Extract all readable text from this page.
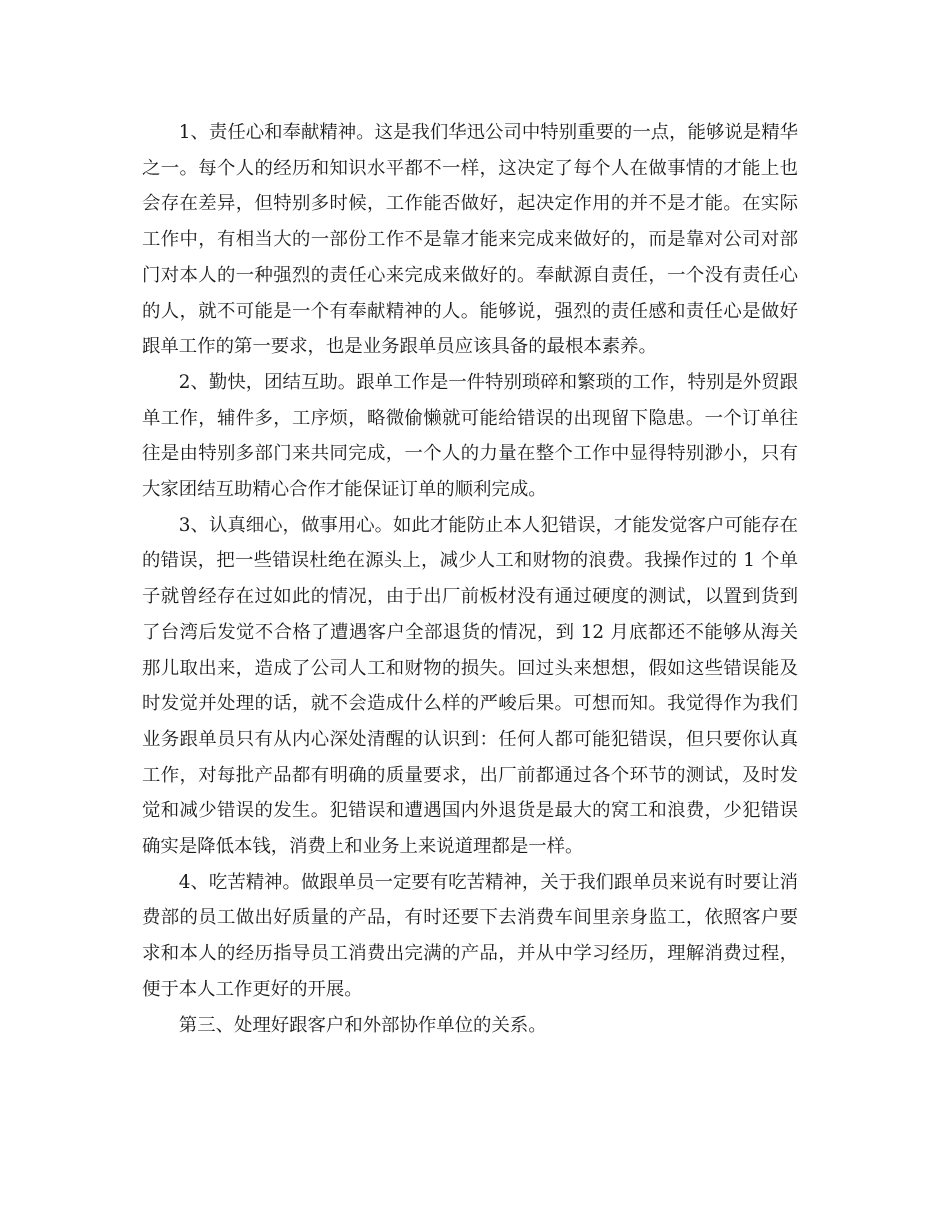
1、责任心和奉献精神。这是我们华迅公司中特别重要的一点，能够说是精华之一。每个人的经历和知识水平都不一样，这决定了每个人在做事情的才能上也会存在差异，但特别多时候，工作能否做好，起决定作用的并不是才能。在实际工作中，有相当大的一部份工作不是靠才能来完成来做好的，而是靠对公司对部门对本人的一种强烈的责任心来完成来做好的。奉献源自责任，一个没有责任心的人，就不可能是一个有奉献精神的人。能够说，强烈的责任感和责任心是做好跟单工作的第一要求，也是业务跟单员应该具备的最根本素养。

2、勤快，团结互助。跟单工作是一件特别琐碎和繁琐的工作，特别是外贸跟单工作，辅件多，工序烦，略微偷懒就可能给错误的出现留下隐患。一个订单往往是由特别多部门来共同完成，一个人的力量在整个工作中显得特别渺小，只有大家团结互助精心合作才能保证订单的顺利完成。

3、认真细心，做事用心。如此才能防止本人犯错误，才能发觉客户可能存在的错误，把一些错误杜绝在源头上，减少人工和财物的浪费。我操作过的 1 个单子就曾经存在过如此的情况，由于出厂前板材没有通过硬度的测试，以置到货到了台湾后发觉不合格了遭遇客户全部退货的情况，到 12 月底都还不能够从海关那儿取出来，造成了公司人工和财物的损失。回过头来想想，假如这些错误能及时发觉并处理的话，就不会造成什么样的严峻后果。可想而知。我觉得作为我们业务跟单员只有从内心深处清醒的认识到：任何人都可能犯错误，但只要你认真工作，对每批产品都有明确的质量要求，出厂前都通过各个环节的测试，及时发觉和减少错误的发生。犯错误和遭遇国内外退货是最大的窝工和浪费，少犯错误确实是降低本钱，消费上和业务上来说道理都是一样。

4、吃苦精神。做跟单员一定要有吃苦精神，关于我们跟单员来说有时要让消费部的员工做出好质量的产品，有时还要下去消费车间里亲身监工，依照客户要求和本人的经历指导员工消费出完满的产品，并从中学习经历，理解消费过程，便于本人工作更好的开展。

第三、处理好跟客户和外部协作单位的关系。
